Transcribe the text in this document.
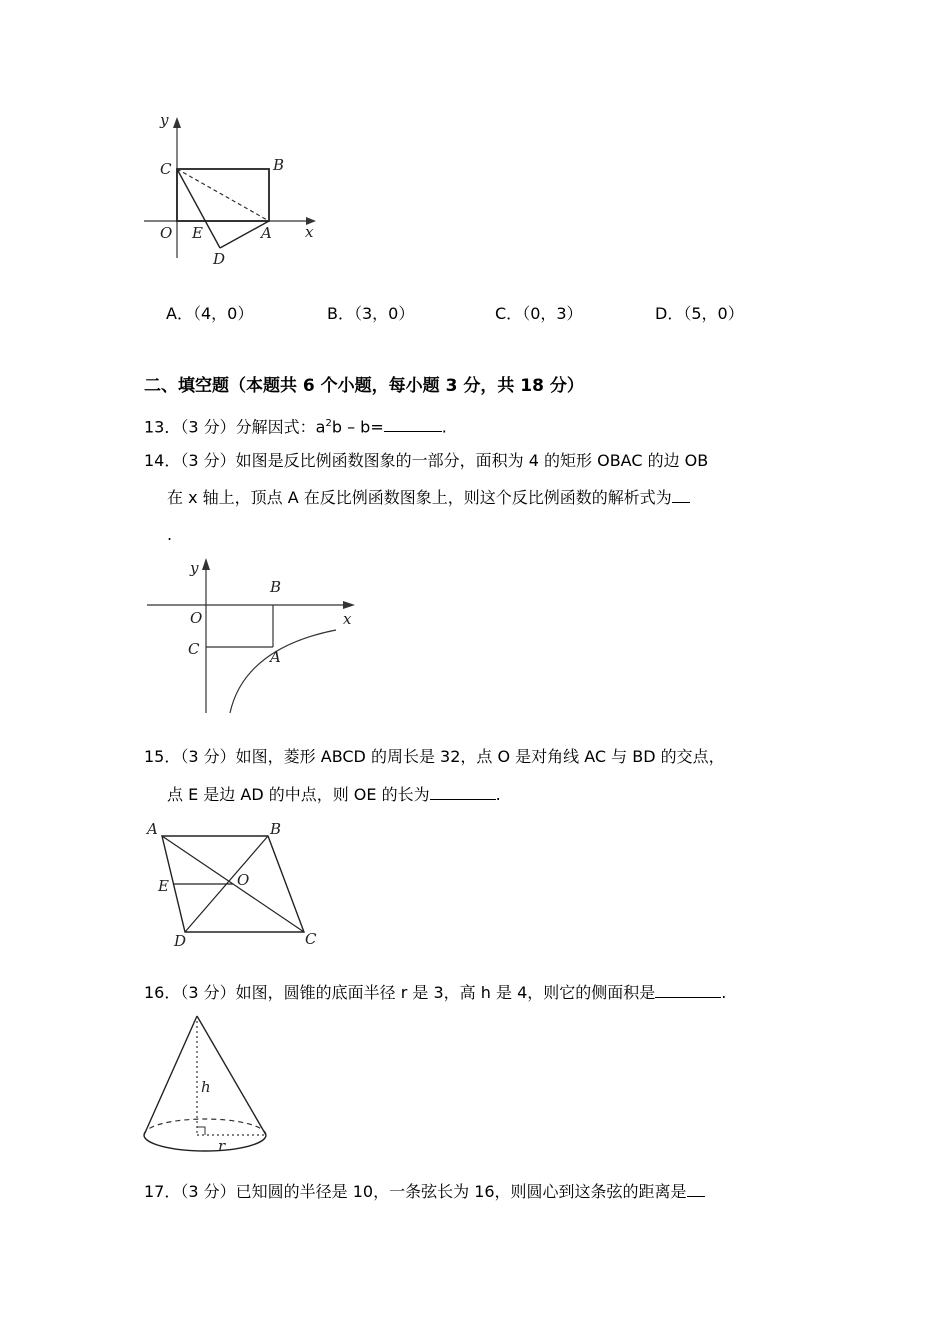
y
x
O
C	B
E	A
D
A．（4，0）	B．（3，0）	C．（0，3）	D．（5，0）
二、填空题（本题共 6 个小题，每小题 3 分，共 18 分）
13．（3 分）分解因式：$a^2b - b=$	.
14．（3 分）如图是反比例函数图象的一部分，面积为 4 的矩形 OBAC 的边 OB
在 x 轴上，顶点 A 在反比例函数图象上，则这个反比例函数的解析式为
.
y
x
O
B
C	A
15．（3 分）如图，菱形 ABCD 的周长是 32，点 O 是对角线 AC 与 BD 的交点，
点 E 是边 AD 的中点，则 OE 的长为	.
A	B
E	O
D	C
16．（3 分）如图，圆锥的底面半径 r 是 3，高 h 是 4，则它的侧面积是	.
h
r
17．（3 分）已知圆的半径是 10，一条弦长为 16，则圆心到这条弦的距离是
